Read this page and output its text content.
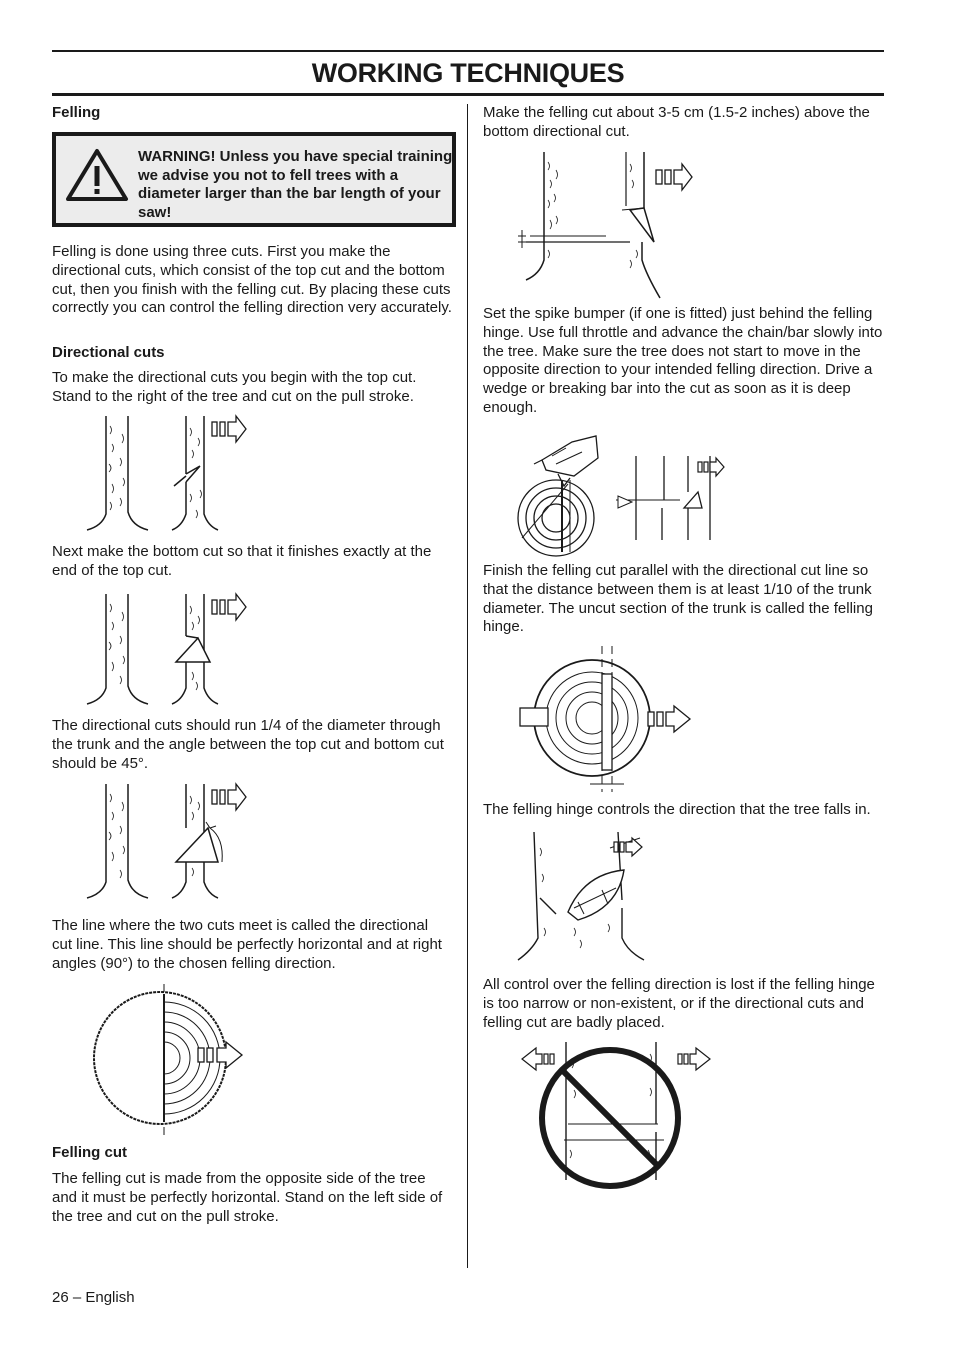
WORKING TECHNIQUES

Felling

WARNING! Unless you have special training we advise you not to fell trees with a diameter larger than the bar length of your saw!

Felling is done using three cuts. First you make the directional cuts, which consist of the top cut and the bottom cut, then you finish with the felling cut. By placing these cuts correctly you can control the felling direction very accurately.

Directional cuts

To make the directional cuts you begin with the top cut. Stand to the right of the tree and cut on the pull stroke.

Next make the bottom cut so that it finishes exactly at the end of the top cut.

The directional cuts should run 1/4 of the diameter through the trunk and the angle between the top cut and bottom cut should be 45°.

The line where the two cuts meet is called the directional cut line. This line should be perfectly horizontal and at right angles (90°) to the chosen felling direction.

Felling cut

The felling cut is made from the opposite side of the tree and it must be perfectly horizontal. Stand on the left side of the tree and cut on the pull stroke.

Make the felling cut about 3-5 cm (1.5-2 inches) above the bottom directional cut.

Set the spike bumper (if one is fitted) just behind the felling hinge. Use full throttle and advance the chain/bar slowly into the tree. Make sure the tree does not start to move in the opposite direction to your intended felling direction. Drive a wedge or breaking bar into the cut as soon as it is deep enough.

Finish the felling cut parallel with the directional cut line so that the distance between them is at least 1/10 of the trunk diameter. The uncut section of the trunk is called the felling hinge.

The felling hinge controls the direction that the tree falls in.

All control over the felling direction is lost if the felling hinge is too narrow or non-existent, or if the directional cuts and felling cut are badly placed.

26 – English
